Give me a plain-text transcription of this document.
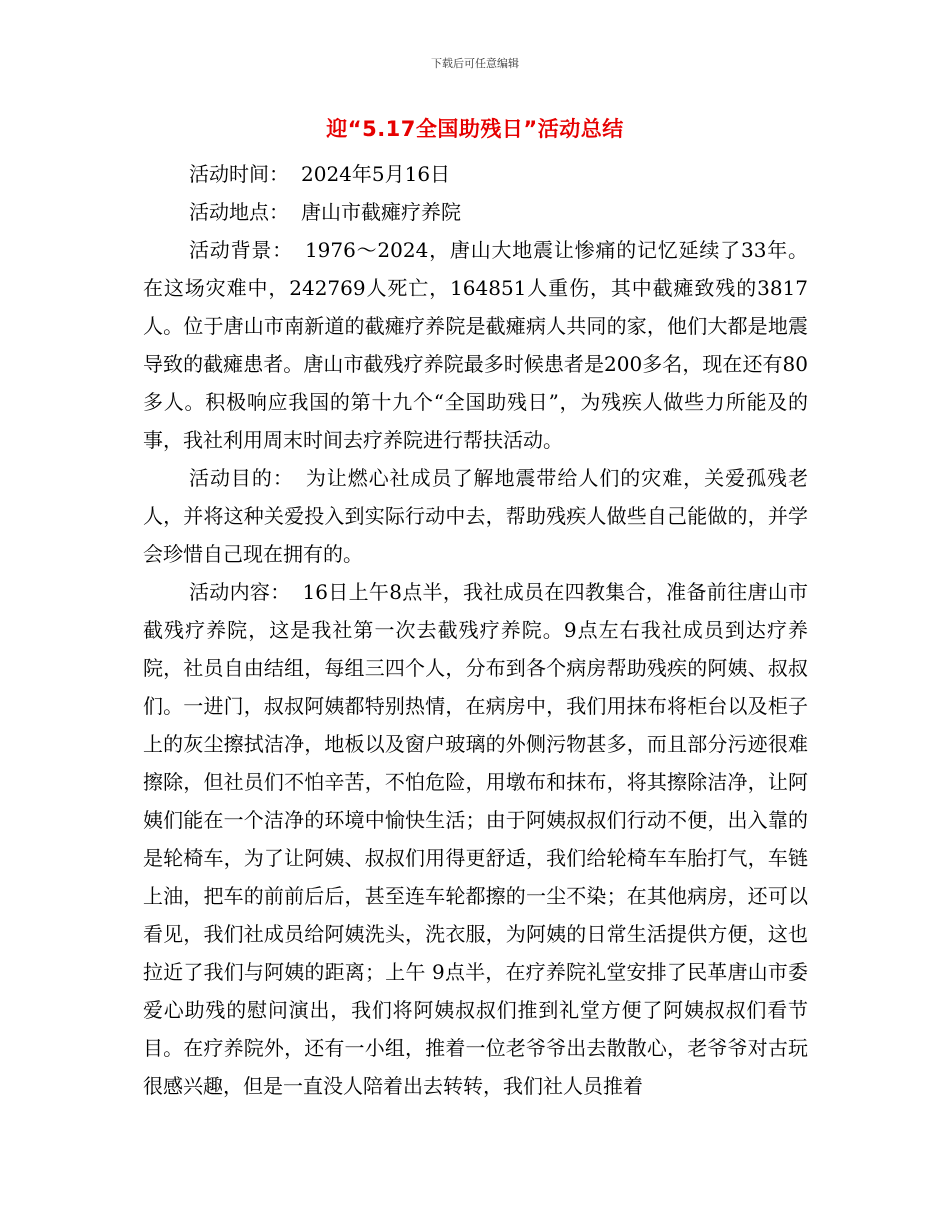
下载后可任意编辑
迎“5.17全国助残日”活动总结

活动时间： 2024年5月16日

活动地点： 唐山市截瘫疗养院

活动背景： 1976～2024，唐山大地震让惨痛的记忆延续了33年。在这场灾难中，242769人死亡，164851人重伤，其中截瘫致残的3817人。位于唐山市南新道的截瘫疗养院是截瘫病人共同的家，他们大都是地震导致的截瘫患者。唐山市截残疗养院最多时候患者是200多名，现在还有80多人。积极响应我国的第十九个“全国助残日”，为残疾人做些力所能及的事，我社利用周末时间去疗养院进行帮扶活动。

活动目的： 为让燃心社成员了解地震带给人们的灾难，关爱孤残老人，并将这种关爱投入到实际行动中去，帮助残疾人做些自己能做的，并学会珍惜自己现在拥有的。

活动内容： 16日上午8点半，我社成员在四教集合，准备前往唐山市截残疗养院，这是我社第一次去截残疗养院。9点左右我社成员到达疗养院，社员自由结组，每组三四个人，分布到各个病房帮助残疾的阿姨、叔叔们。一进门，叔叔阿姨都特别热情，在病房中，我们用抹布将柜台以及柜子上的灰尘擦拭洁净，地板以及窗户玻璃的外侧污物甚多，而且部分污迹很难擦除，但社员们不怕辛苦，不怕危险，用墩布和抹布，将其擦除洁净，让阿姨们能在一个洁净的环境中愉快生活；由于阿姨叔叔们行动不便，出入靠的是轮椅车，为了让阿姨、叔叔们用得更舒适，我们给轮椅车车胎打气，车链上油，把车的前前后后，甚至连车轮都擦的一尘不染；在其他病房，还可以看见，我们社成员给阿姨洗头，洗衣服，为阿姨的日常生活提供方便，这也拉近了我们与阿姨的距离；上午 9点半，在疗养院礼堂安排了民革唐山市委爱心助残的慰问演出，我们将阿姨叔叔们推到礼堂方便了阿姨叔叔们看节目。在疗养院外，还有一小组，推着一位老爷爷出去散散心，老爷爷对古玩很感兴趣，但是一直没人陪着出去转转，我们社人员推着
